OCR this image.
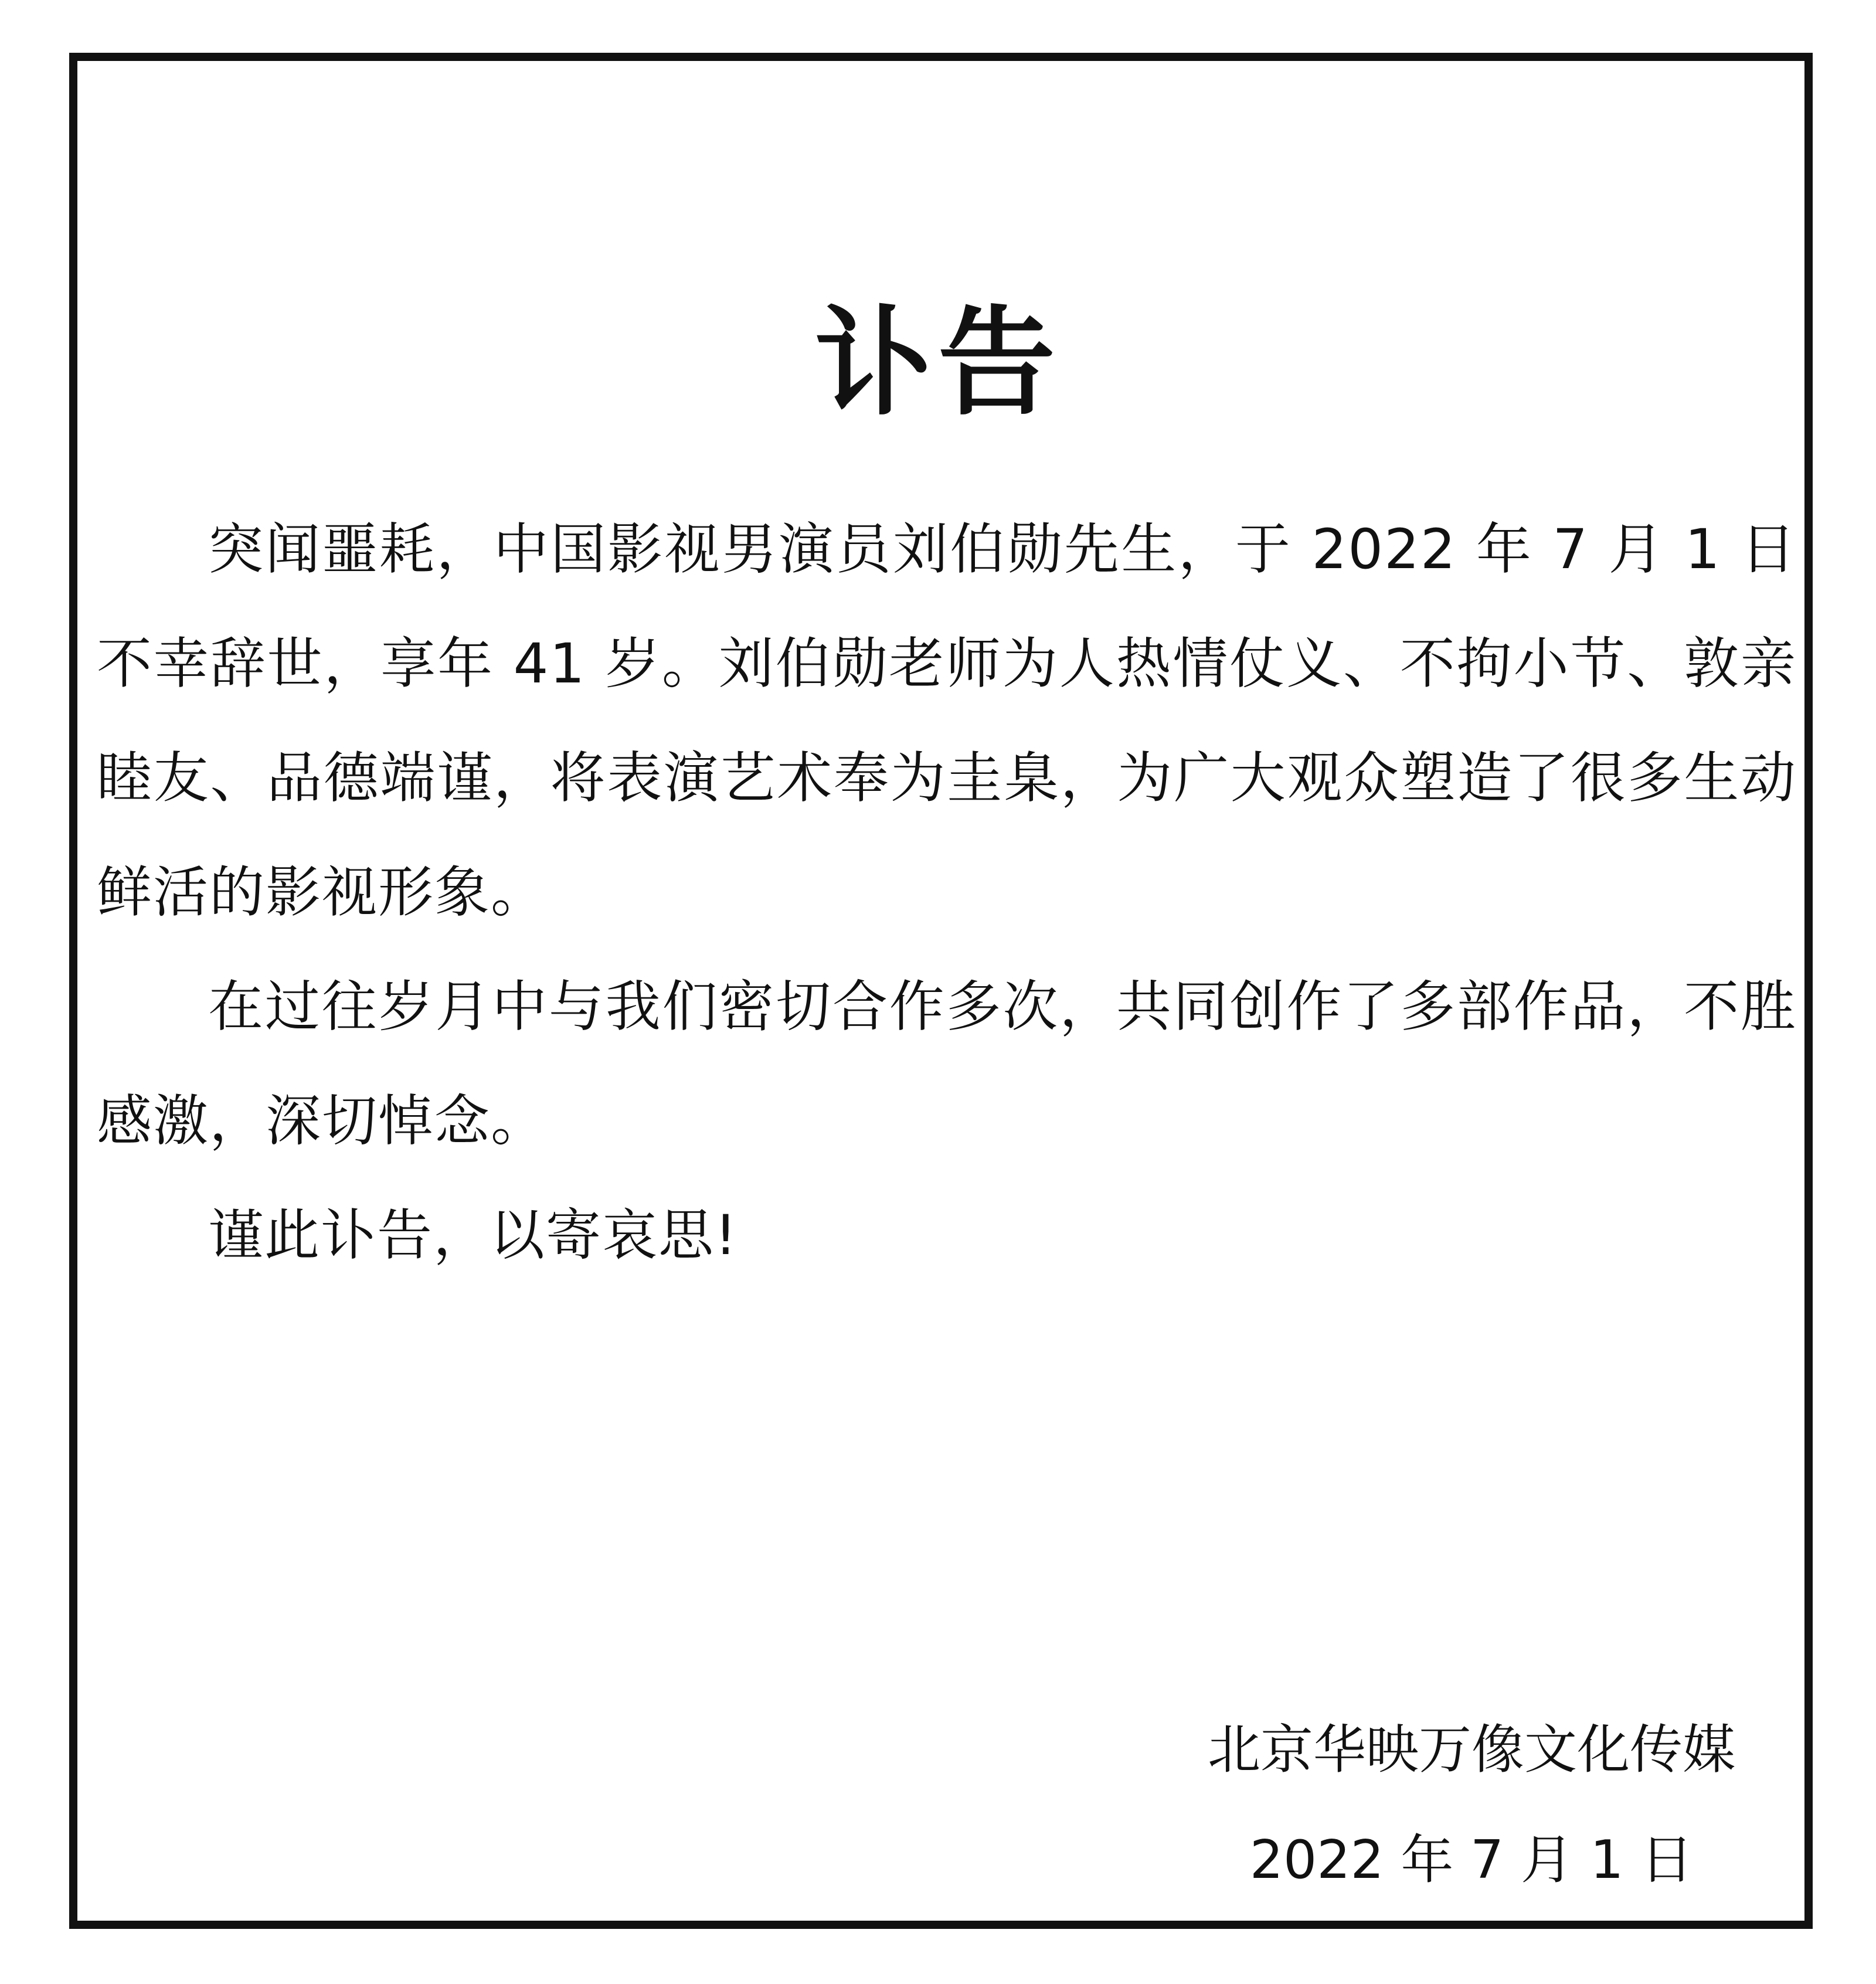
讣告

突闻噩耗，中国影视男演员刘伯勋先生，于 2022 年 7 月 1 日不幸辞世，享年 41 岁。刘伯勋老师为人热情仗义、不拘小节、敦亲睦友、品德端谨，将表演艺术奉为圭臬，为广大观众塑造了很多生动鲜活的影视形象。

在过往岁月中与我们密切合作多次，共同创作了多部作品，不胜感激，深切悼念。

谨此讣告，以寄哀思!

北京华映万像文化传媒
2022 年 7 月 1 日
